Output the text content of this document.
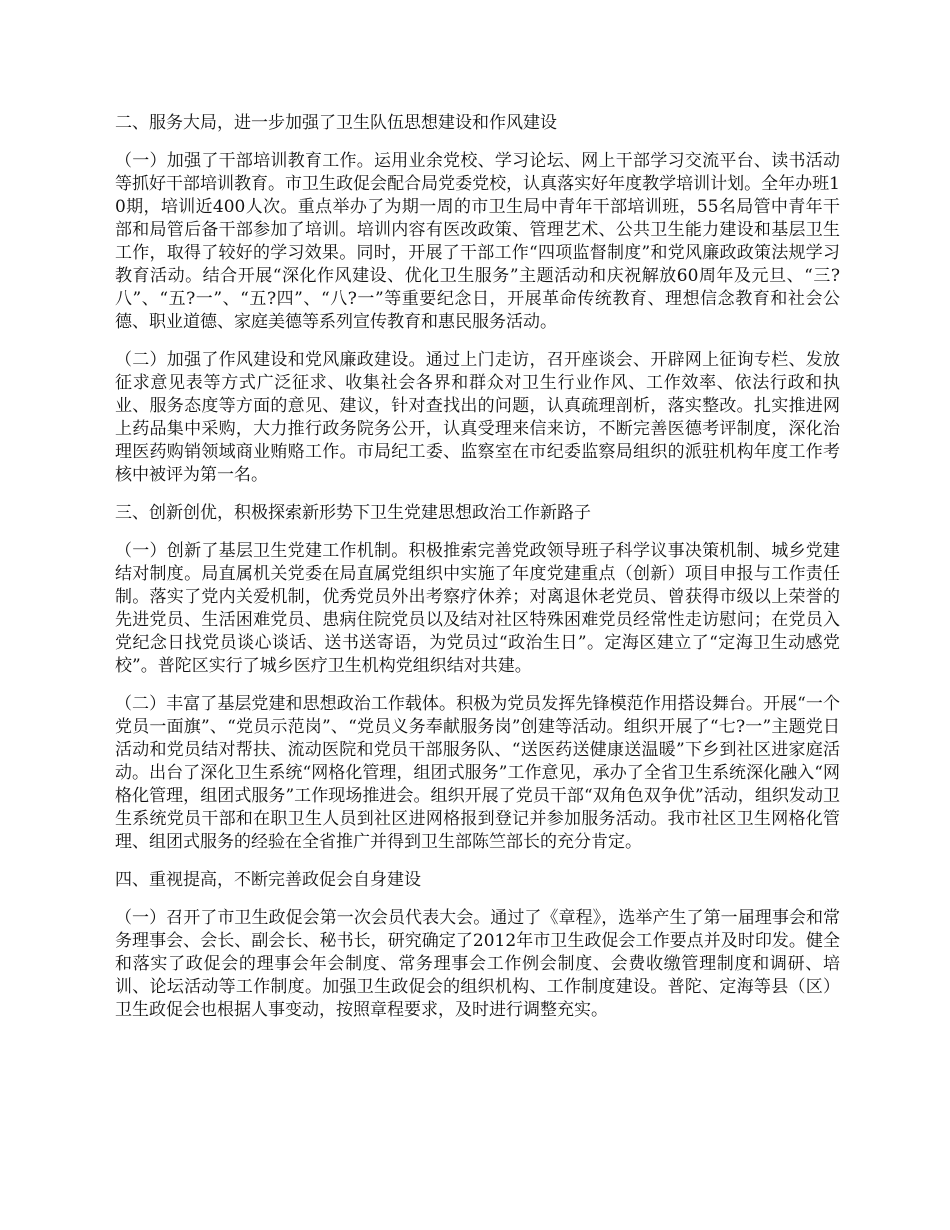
二、服务大局，进一步加强了卫生队伍思想建设和作风建设
（一）加强了干部培训教育工作。运用业余党校、学习论坛、网上干部学习交流平台、读书活动等抓好干部培训教育。市卫生政促会配合局党委党校，认真落实好年度教学培训计划。全年办班10期，培训近400人次。重点举办了为期一周的市卫生局中青年干部培训班，55名局管中青年干部和局管后备干部参加了培训。培训内容有医改政策、管理艺术、公共卫生能力建设和基层卫生工作，取得了较好的学习效果。同时，开展了干部工作“四项监督制度”和党风廉政政策法规学习教育活动。结合开展“深化作风建设、优化卫生服务”主题活动和庆祝解放60周年及元旦、“三?八”、“五?一”、“五?四”、“八?一”等重要纪念日，开展革命传统教育、理想信念教育和社会公德、职业道德、家庭美德等系列宣传教育和惠民服务活动。
（二）加强了作风建设和党风廉政建设。通过上门走访，召开座谈会、开辟网上征询专栏、发放征求意见表等方式广泛征求、收集社会各界和群众对卫生行业作风、工作效率、依法行政和执业、服务态度等方面的意见、建议，针对查找出的问题，认真疏理剖析，落实整改。扎实推进网上药品集中采购，大力推行政务院务公开，认真受理来信来访，不断完善医德考评制度，深化治理医药购销领域商业贿赂工作。市局纪工委、监察室在市纪委监察局组织的派驻机构年度工作考核中被评为第一名。
三、创新创优，积极探索新形势下卫生党建思想政治工作新路子
（一）创新了基层卫生党建工作机制。积极推索完善党政领导班子科学议事决策机制、城乡党建结对制度。局直属机关党委在局直属党组织中实施了年度党建重点（创新）项目申报与工作责任制。落实了党内关爱机制，优秀党员外出考察疗休养；对离退休老党员、曾获得市级以上荣誉的先进党员、生活困难党员、患病住院党员以及结对社区特殊困难党员经常性走访慰问；在党员入党纪念日找党员谈心谈话、送书送寄语，为党员过“政治生日”。定海区建立了“定海卫生动感党校”。普陀区实行了城乡医疗卫生机构党组织结对共建。
（二）丰富了基层党建和思想政治工作载体。积极为党员发挥先锋模范作用搭设舞台。开展“一个党员一面旗”、“党员示范岗”、“党员义务奉献服务岗”创建等活动。组织开展了“七?一”主题党日活动和党员结对帮扶、流动医院和党员干部服务队、“送医药送健康送温暖”下乡到社区进家庭活动。出台了深化卫生系统“网格化管理，组团式服务”工作意见，承办了全省卫生系统深化融入“网格化管理，组团式服务”工作现场推进会。组织开展了党员干部“双角色双争优”活动，组织发动卫生系统党员干部和在职卫生人员到社区进网格报到登记并参加服务活动。我市社区卫生网格化管理、组团式服务的经验在全省推广并得到卫生部陈竺部长的充分肯定。
四、重视提高，不断完善政促会自身建设
（一）召开了市卫生政促会第一次会员代表大会。通过了《章程》，选举产生了第一届理事会和常务理事会、会长、副会长、秘书长，研究确定了2012年市卫生政促会工作要点并及时印发。健全和落实了政促会的理事会年会制度、常务理事会工作例会制度、会费收缴管理制度和调研、培训、论坛活动等工作制度。加强卫生政促会的组织机构、工作制度建设。普陀、定海等县（区）卫生政促会也根据人事变动，按照章程要求，及时进行调整充实。
